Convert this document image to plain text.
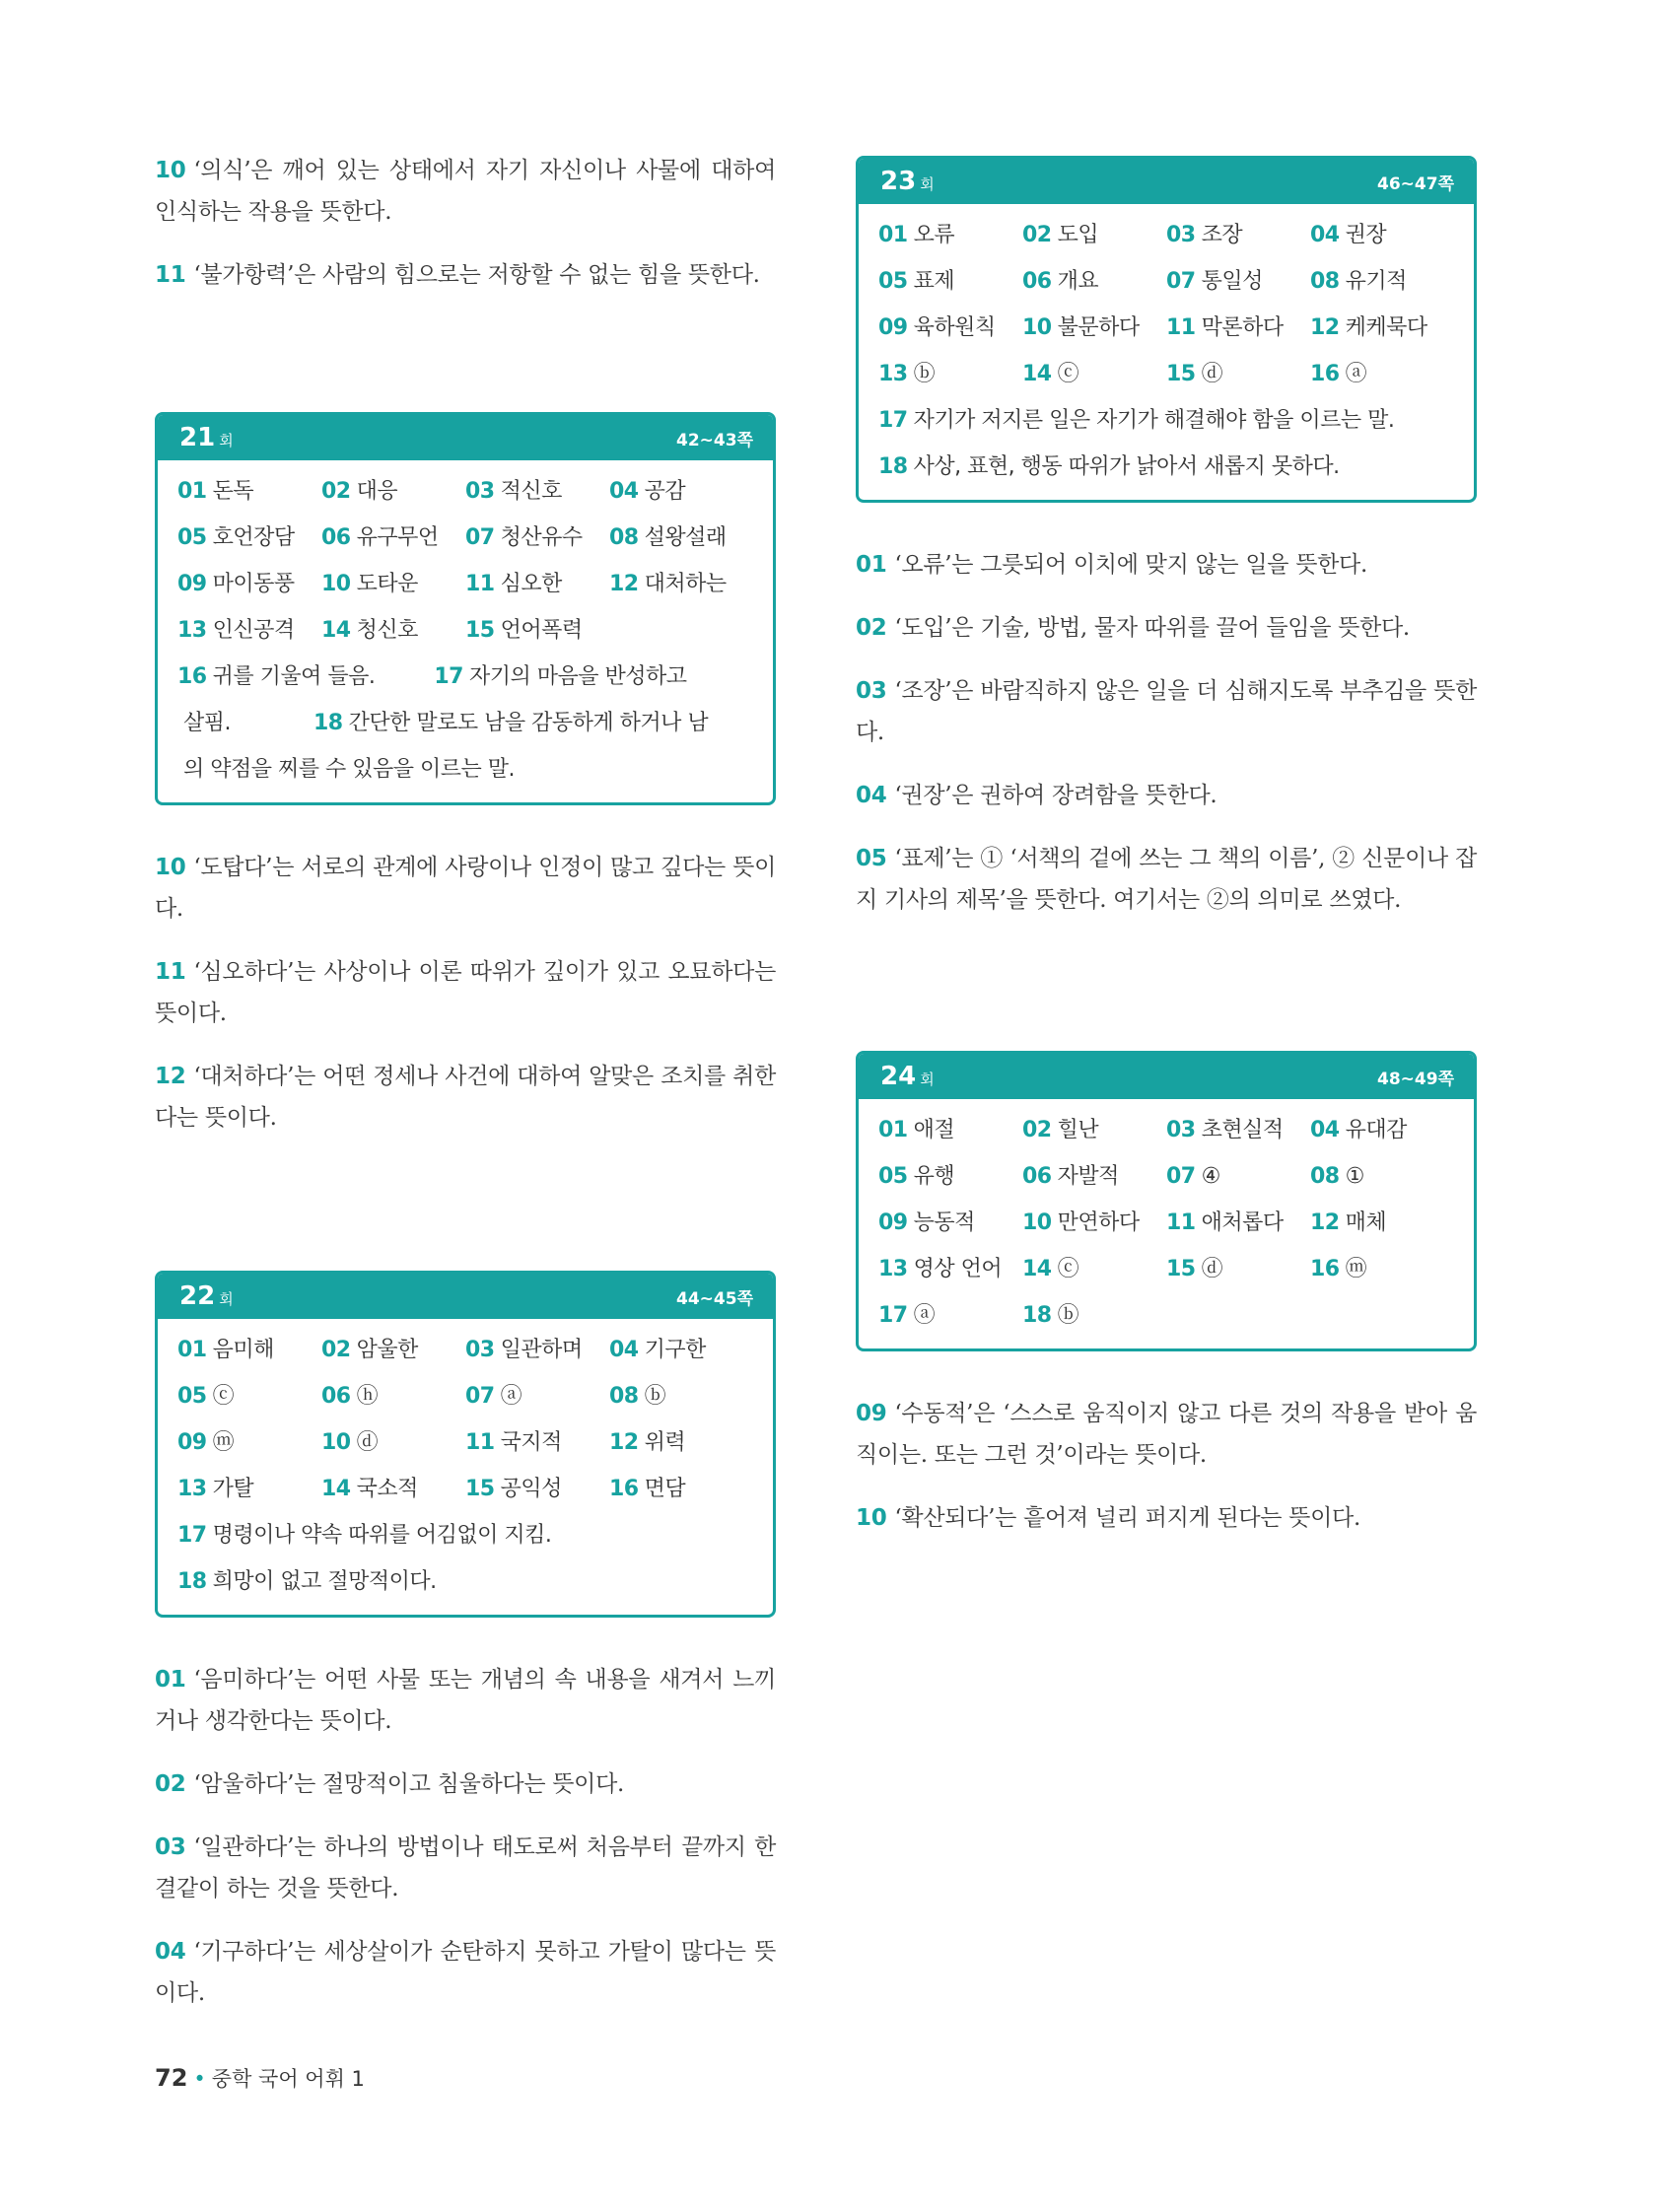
10 ‘의식’은 깨어 있는 상태에서 자기 자신이나 사물에 대하여 인식하는 작용을 뜻한다.

11 ‘불가항력’은 사람의 힘으로는 저항할 수 없는 힘을 뜻한다.

21 회	42~43쪽
01 돈독	02 대응	03 적신호	04 공감
05 호언장담	06 유구무언	07 청산유수	08 설왕설래
09 마이동풍	10 도타운	11 심오한	12 대처하는
13 인신공격	14 청신호	15 언어폭력
16 귀를 기울여 들음.	17 자기의 마음을 반성하고
살핌.	18 간단한 말로도 남을 감동하게 하거나 남
의 약점을 찌를 수 있음을 이르는 말.

10 ‘도탑다’는 서로의 관계에 사랑이나 인정이 많고 깊다는 뜻이다.

11 ‘심오하다’는 사상이나 이론 따위가 깊이가 있고 오묘하다는 뜻이다.

12 ‘대처하다’는 어떤 정세나 사건에 대하여 알맞은 조치를 취한다는 뜻이다.

22 회	44~45쪽
01 음미해	02 암울한	03 일관하며	04 기구한
05 ⓒ	06 ⓗ	07 ⓐ	08 ⓑ
09 ⓜ	10 ⓓ	11 국지적	12 위력
13 가탈	14 국소적	15 공익성	16 면담
17 명령이나 약속 따위를 어김없이 지킴.
18 희망이 없고 절망적이다.

01 ‘음미하다’는 어떤 사물 또는 개념의 속 내용을 새겨서 느끼거나 생각한다는 뜻이다.

02 ‘암울하다’는 절망적이고 침울하다는 뜻이다.

03 ‘일관하다’는 하나의 방법이나 태도로써 처음부터 끝까지 한결같이 하는 것을 뜻한다.

04 ‘기구하다’는 세상살이가 순탄하지 못하고 가탈이 많다는 뜻이다.

23 회	46~47쪽
01 오류	02 도입	03 조장	04 권장
05 표제	06 개요	07 통일성	08 유기적
09 육하원칙	10 불문하다	11 막론하다	12 케케묵다
13 ⓑ	14 ⓒ	15 ⓓ	16 ⓐ
17 자기가 저지른 일은 자기가 해결해야 함을 이르는 말.
18 사상, 표현, 행동 따위가 낡아서 새롭지 못하다.

01 ‘오류’는 그릇되어 이치에 맞지 않는 일을 뜻한다.

02 ‘도입’은 기술, 방법, 물자 따위를 끌어 들임을 뜻한다.

03 ‘조장’은 바람직하지 않은 일을 더 심해지도록 부추김을 뜻한다.

04 ‘권장’은 권하여 장려함을 뜻한다.

05 ‘표제’는 ① ‘서책의 겉에 쓰는 그 책의 이름’, ② 신문이나 잡지 기사의 제목’을 뜻한다. 여기서는 ②의 의미로 쓰였다.

24 회	48~49쪽
01 애절	02 힐난	03 초현실적	04 유대감
05 유행	06 자발적	07 ④	08 ①
09 능동적	10 만연하다	11 애처롭다	12 매체
13 영상 언어 14 ⓒ	15 ⓓ	16 ⓜ
17 ⓐ	18 ⓑ

09 ‘수동적’은 ‘스스로 움직이지 않고 다른 것의 작용을 받아 움직이는. 또는 그런 것’이라는 뜻이다.

10 ‘확산되다’는 흩어져 널리 퍼지게 된다는 뜻이다.

72 • 중학 국어 어휘 1
